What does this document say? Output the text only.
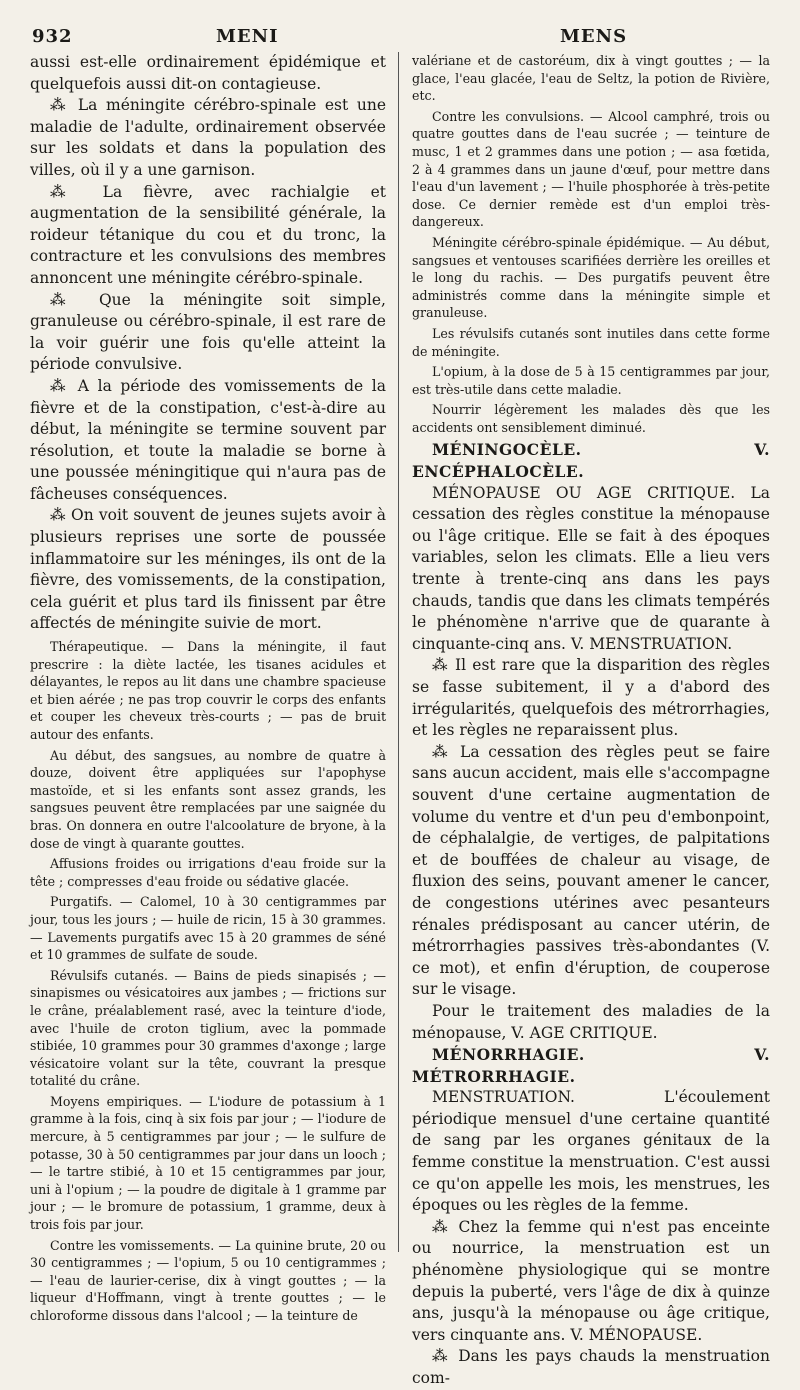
932	MENI	MENS

aussi est-elle ordinairement épidémique et quelquefois aussi dit-on contagieuse.

⁂ La méningite cérébro-spinale est une maladie de l'adulte, ordinairement observée sur les soldats et dans la population des villes, où il y a une garnison.

⁂ La fièvre, avec rachialgie et augmentation de la sensibilité générale, la roideur tétanique du cou et du tronc, la contracture et les convulsions des membres annoncent une méningite cérébro-spinale.

⁂ Que la méningite soit simple, granuleuse ou cérébro-spinale, il est rare de la voir guérir une fois qu'elle atteint la période convulsive.

⁂ A la période des vomissements de la fièvre et de la constipation, c'est-à-dire au début, la méningite se termine souvent par résolution, et toute la maladie se borne à une poussée méningitique qui n'aura pas de fâcheuses conséquences.

⁂ On voit souvent de jeunes sujets avoir à plusieurs reprises une sorte de poussée inflammatoire sur les méninges, ils ont de la fièvre, des vomissements, de la constipation, cela guérit et plus tard ils finissent par être affectés de méningite suivie de mort.

Thérapeutique. — Dans la méningite, il faut prescrire : la diète lactée, les tisanes acidules et délayantes, le repos au lit dans une chambre spacieuse et bien aérée ; ne pas trop couvrir le corps des enfants et couper les cheveux très-courts ; — pas de bruit autour des enfants.

Au début, des sangsues, au nombre de quatre à douze, doivent être appliquées sur l'apophyse mastoïde, et si les enfants sont assez grands, les sangsues peuvent être remplacées par une saignée du bras. On donnera en outre l'alcoolature de bryone, à la dose de vingt à quarante gouttes.

Affusions froides ou irrigations d'eau froide sur la tête ; compresses d'eau froide ou sédative glacée.

Purgatifs. — Calomel, 10 à 30 centigrammes par jour, tous les jours ; — huile de ricin, 15 à 30 grammes. — Lavements purgatifs avec 15 à 20 grammes de séné et 10 grammes de sulfate de soude.

Révulsifs cutanés. — Bains de pieds sinapisés ; — sinapismes ou vésicatoires aux jambes ; — frictions sur le crâne, préalablement rasé, avec la teinture d'iode, avec l'huile de croton tiglium, avec la pommade stibiée, 10 grammes pour 30 grammes d'axonge ; large vésicatoire volant sur la tête, couvrant la presque totalité du crâne.

Moyens empiriques. — L'iodure de potassium à 1 gramme à la fois, cinq à six fois par jour ; — l'iodure de mercure, à 5 centigrammes par jour ; — le sulfure de potasse, 30 à 50 centigrammes par jour dans un looch ; — le tartre stibié, à 10 et 15 centigrammes par jour, uni à l'opium ; — la poudre de digitale à 1 gramme par jour ; — le bromure de potassium, 1 gramme, deux à trois fois par jour.

Contre les vomissements. — La quinine brute, 20 ou 30 centigrammes ; — l'opium, 5 ou 10 centigrammes ; — l'eau de laurier-cerise, dix à vingt gouttes ; — la liqueur d'Hoffmann, vingt à trente gouttes ; — le chloroforme dissous dans l'alcool ; — la teinture de

valériane et de castoréum, dix à vingt gouttes ; — la glace, l'eau glacée, l'eau de Seltz, la potion de Rivière, etc.

Contre les convulsions. — Alcool camphré, trois ou quatre gouttes dans de l'eau sucrée ; — teinture de musc, 1 et 2 grammes dans une potion ; — asa fœtida, 2 à 4 grammes dans un jaune d'œuf, pour mettre dans l'eau d'un lavement ; — l'huile phosphorée à très-petite dose. Ce dernier remède est d'un emploi très-dangereux.

Méningite cérébro-spinale épidémique. — Au début, sangsues et ventouses scarifiées derrière les oreilles et le long du rachis. — Des purgatifs peuvent être administrés comme dans la méningite simple et granuleuse.

Les révulsifs cutanés sont inutiles dans cette forme de méningite.

L'opium, à la dose de 5 à 15 centigrammes par jour, est très-utile dans cette maladie.

Nourrir légèrement les malades dès que les accidents ont sensiblement diminué.

MÉNINGOCÈLE. V. ENCÉPHALOCÈLE.

MÉNOPAUSE OU AGE CRITIQUE. La cessation des règles constitue la ménopause ou l'âge critique. Elle se fait à des époques variables, selon les climats. Elle a lieu vers trente à trente-cinq ans dans les pays chauds, tandis que dans les climats tempérés le phénomène n'arrive que de quarante à cinquante-cinq ans. V. MENSTRUATION.

⁂ Il est rare que la disparition des règles se fasse subitement, il y a d'abord des irrégularités, quelquefois des métrorrhagies, et les règles ne reparaissent plus.

⁂ La cessation des règles peut se faire sans aucun accident, mais elle s'accompagne souvent d'une certaine augmentation de volume du ventre et d'un peu d'embonpoint, de céphalalgie, de vertiges, de palpitations et de bouffées de chaleur au visage, de fluxion des seins, pouvant amener le cancer, de congestions utérines avec pesanteurs rénales prédisposant au cancer utérin, de métrorrhagies passives très-abondantes (V. ce mot), et enfin d'éruption, de couperose sur le visage.

Pour le traitement des maladies de la ménopause, V. AGE CRITIQUE.

MÉNORRHAGIE. V. MÉTRORRHAGIE.

MENSTRUATION. L'écoulement périodique mensuel d'une certaine quantité de sang par les organes génitaux de la femme constitue la menstruation. C'est aussi ce qu'on appelle les mois, les menstrues, les époques ou les règles de la femme.

⁂ Chez la femme qui n'est pas enceinte ou nourrice, la menstruation est un phénomène physiologique qui se montre depuis la puberté, vers l'âge de dix à quinze ans, jusqu'à la ménopause ou âge critique, vers cinquante ans. V. MÉNOPAUSE.

⁂ Dans les pays chauds la menstruation com-
